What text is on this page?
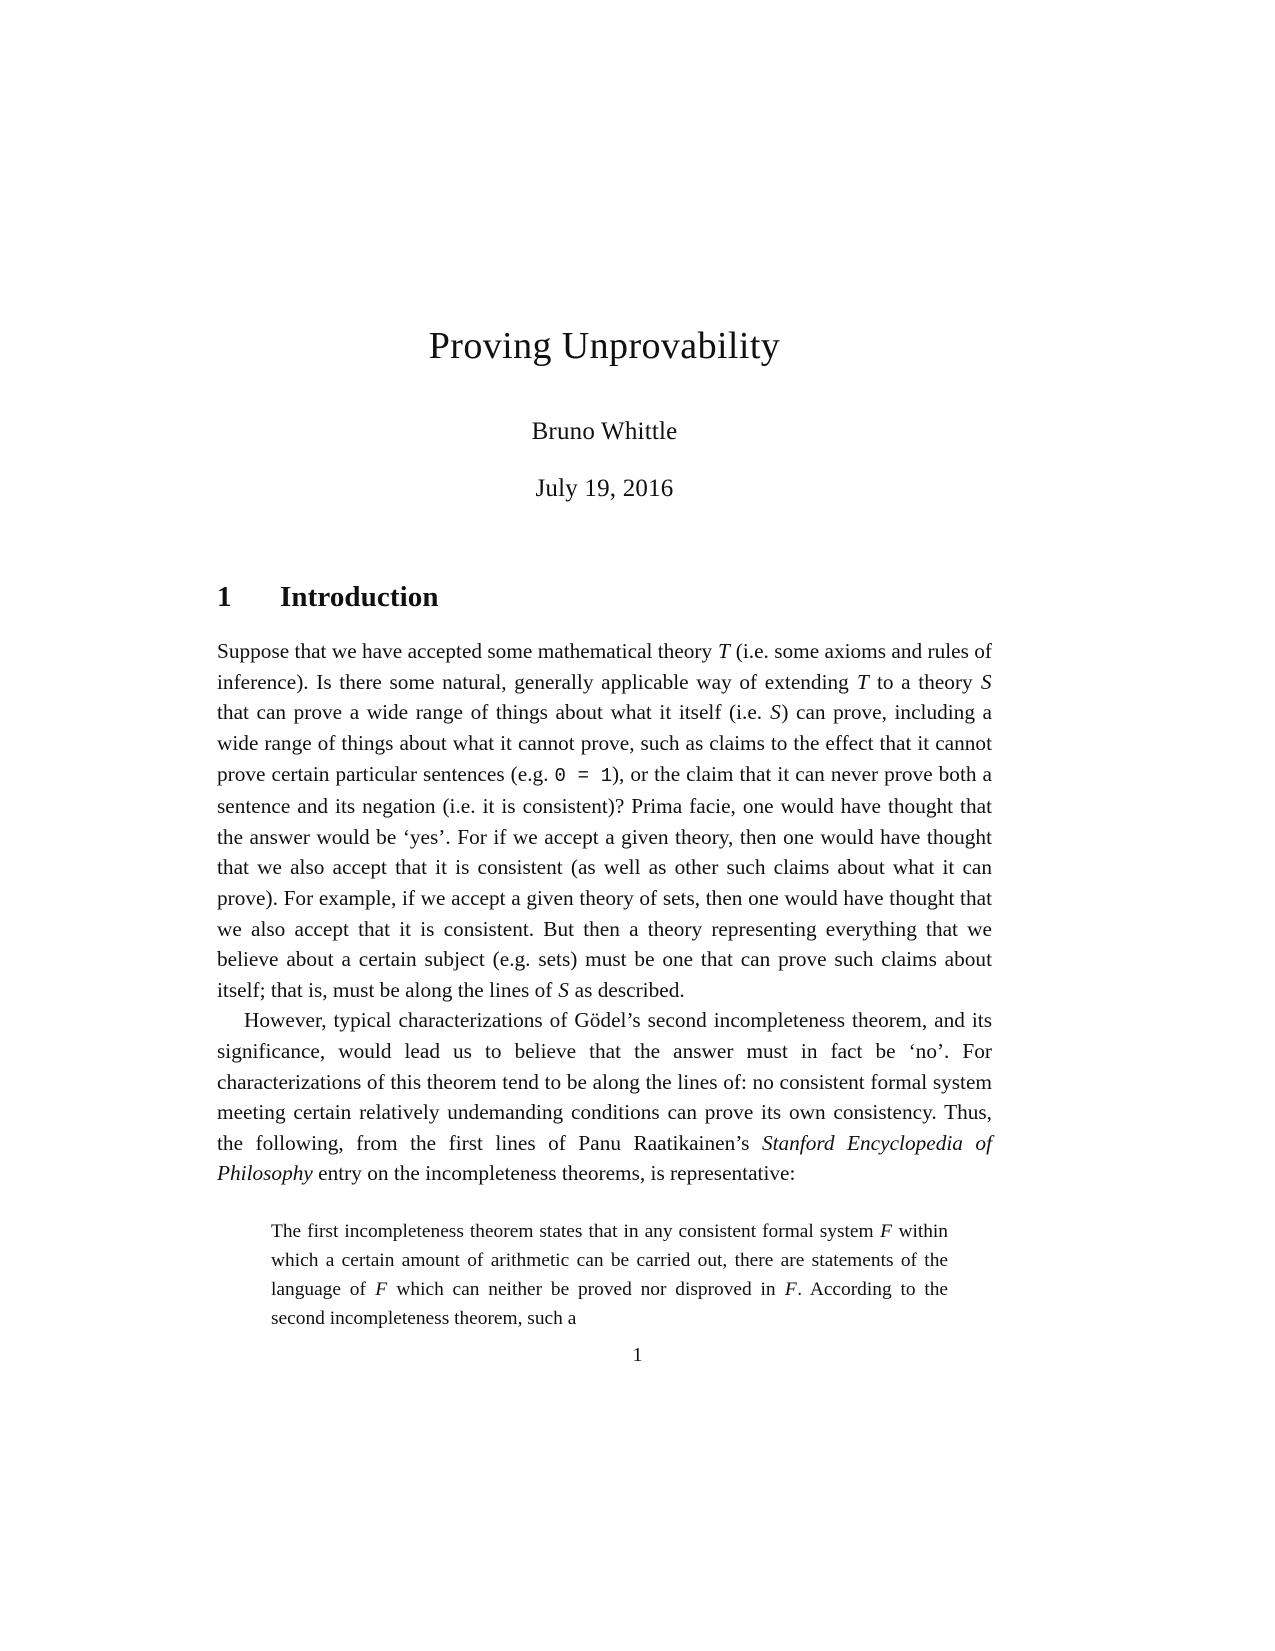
Proving Unprovability

Bruno Whittle

July 19, 2016

1	Introduction

Suppose that we have accepted some mathematical theory T (i.e. some axioms and rules of inference). Is there some natural, generally applicable way of extending T to a theory S that can prove a wide range of things about what it itself (i.e. S) can prove, including a wide range of things about what it cannot prove, such as claims to the effect that it cannot prove certain particular sentences (e.g. 0 = 1), or the claim that it can never prove both a sentence and its negation (i.e. it is consistent)? Prima facie, one would have thought that the answer would be ‘yes’. For if we accept a given theory, then one would have thought that we also accept that it is consistent (as well as other such claims about what it can prove). For example, if we accept a given theory of sets, then one would have thought that we also accept that it is consistent. But then a theory representing everything that we believe about a certain subject (e.g. sets) must be one that can prove such claims about itself; that is, must be along the lines of S as described.

However, typical characterizations of Gödel’s second incompleteness theorem, and its significance, would lead us to believe that the answer must in fact be ‘no’. For characterizations of this theorem tend to be along the lines of: no consistent formal system meeting certain relatively undemanding conditions can prove its own consistency. Thus, the following, from the first lines of Panu Raatikainen’s Stanford Encyclopedia of Philosophy entry on the incompleteness theorems, is representative:

The first incompleteness theorem states that in any consistent formal system F within which a certain amount of arithmetic can be carried out, there are statements of the language of F which can neither be proved nor disproved in F. According to the second incompleteness theorem, such a
1
